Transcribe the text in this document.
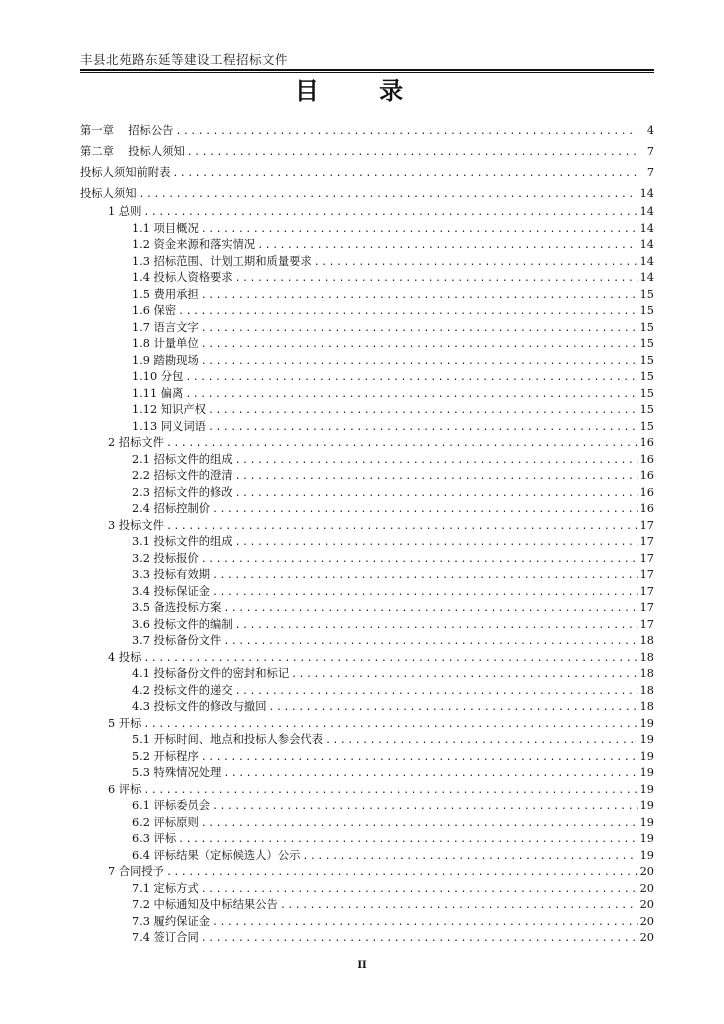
丰县北苑路东延等建设工程招标文件
目 录
第一章    招标公告 .....	4
第二章    投标人须知 .....	7
投标人须知前附表 .....	7
投标人须知 .....	14
1 总则 .....	14
1.1 项目概况 .....	14
1.2 资金来源和落实情况 .....	14
1.3 招标范围、计划工期和质量要求 .....	14
1.4 投标人资格要求 .....	14
1.5 费用承担 .....	15
1.6 保密 .....	15
1.7 语言文字 .....	15
1.8 计量单位 .....	15
1.9 踏勘现场 .....	15
1.10 分包 .....	15
1.11 偏离 .....	15
1.12 知识产权 .....	15
1.13 同义词语 .....	15
2 招标文件 .....	16
2.1 招标文件的组成 .....	16
2.2 招标文件的澄清 .....	16
2.3 招标文件的修改 .....	16
2.4 招标控制价 .....	16
3 投标文件 .....	17
3.1 投标文件的组成 .....	17
3.2 投标报价 .....	17
3.3 投标有效期 .....	17
3.4 投标保证金 .....	17
3.5 备选投标方案 .....	17
3.6 投标文件的编制 .....	17
3.7 投标备份文件 .....	18
4 投标 .....	18
4.1 投标备份文件的密封和标记 .....	18
4.2 投标文件的递交 .....	18
4.3 投标文件的修改与撤回 .....	18
5 开标 .....	19
5.1 开标时间、地点和投标人参会代表 .....	19
5.2 开标程序 .....	19
5.3 特殊情况处理 .....	19
6 评标 .....	19
6.1 评标委员会 .....	19
6.2 评标原则 .....	19
6.3 评标 .....	19
6.4 评标结果（定标候选人）公示 .....	19
7 合同授予 .....	20
7.1 定标方式 .....	20
7.2 中标通知及中标结果公告 .....	20
7.3 履约保证金 .....	20
7.4 签订合同 .....	20
II
